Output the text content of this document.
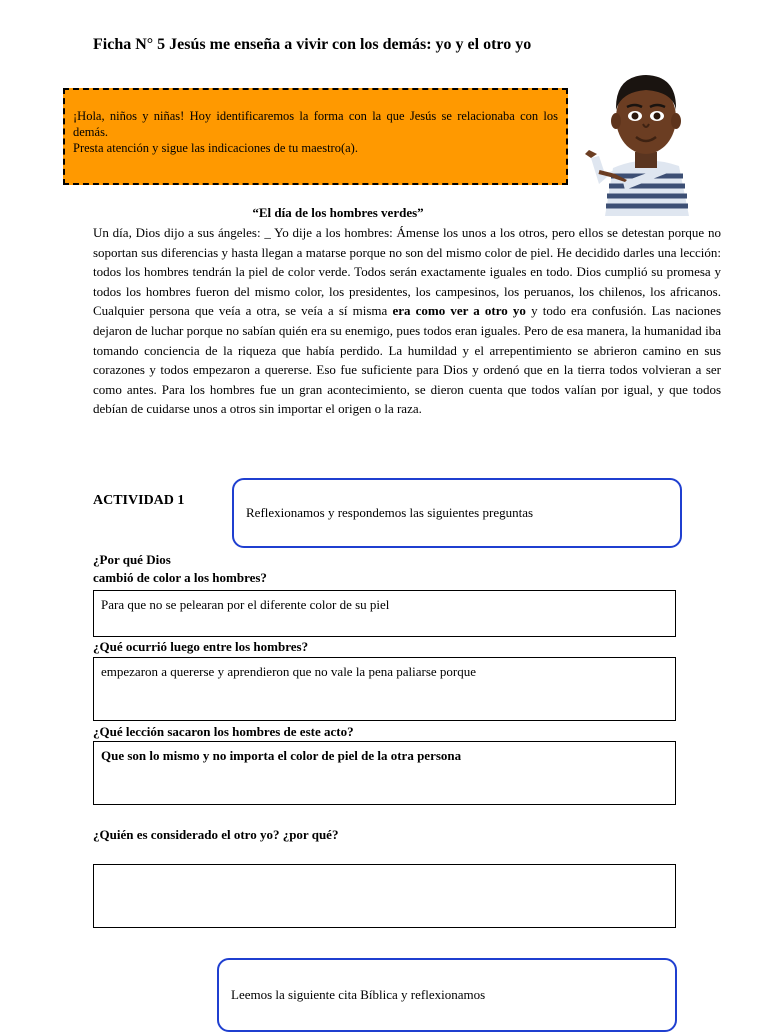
Ficha N° 5 Jesús me enseña a vivir con los demás: yo y el otro yo
¡Hola, niños y niñas! Hoy identificaremos la forma con la que Jesús se relacionaba con los demás.
Presta atención y sigue las indicaciones de tu maestro(a).
“El día de los hombres verdes”
Un día, Dios dijo a sus ángeles: _ Yo dije a los hombres: Ámense los unos a los otros, pero ellos se detestan porque no soportan sus diferencias y hasta llegan a matarse porque no son del mismo color de piel. He decidido darles una lección: todos los hombres tendrán la piel de color verde. Todos serán exactamente iguales en todo. Dios cumplió su promesa y todos los hombres fueron del mismo color, los presidentes, los campesinos, los peruanos, los chilenos, los africanos. Cualquier persona que veía a otra, se veía a sí misma era como ver a otro yo y todo era confusión. Las naciones dejaron de luchar porque no sabían quién era su enemigo, pues todos eran iguales. Pero de esa manera, la humanidad iba tomando conciencia de la riqueza que había perdido. La humildad y el arrepentimiento se abrieron camino en sus corazones y todos empezaron a quererse. Eso fue suficiente para Dios y ordenó que en la tierra todos volvieran a ser como antes. Para los hombres fue un gran acontecimiento, se dieron cuenta que todos valían por igual, y que todos debían de cuidarse unos a otros sin importar el origen o la raza.
ACTIVIDAD 1
Reflexionamos y respondemos las siguientes preguntas
¿Por qué Dios
cambió de color a los hombres?
Para que no se pelearan por el diferente color de su piel
¿Qué ocurrió luego entre los hombres?
empezaron a quererse y aprendieron que no vale la pena paliarse porque
¿Qué lección sacaron los hombres de este acto?
Que son lo mismo y no importa el color de piel de la otra persona
¿Quién es considerado el otro yo? ¿por qué?
Leemos la siguiente cita Bíblica y reflexionamos
